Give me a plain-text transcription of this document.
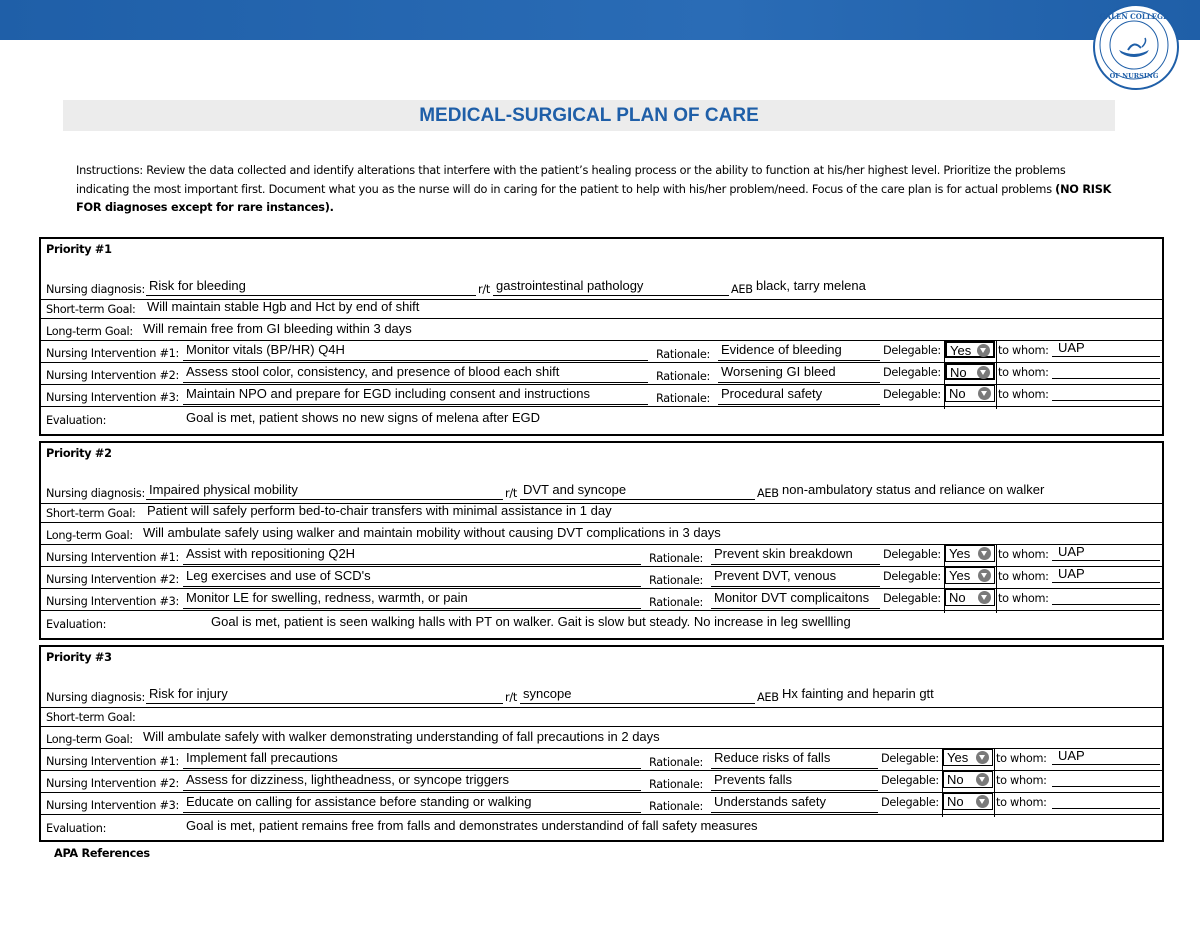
GALEN COLLEGE
OF NURSING
MEDICAL-SURGICAL PLAN OF CARE
Instructions: Review the data collected and identify alterations that interfere with the patient’s healing process or the ability to function at his/her highest level. Prioritize the problems indicating the most important first. Document what you as the nurse will do in caring for the patient to help with his/her problem/need. Focus of the care plan is for actual problems (NO RISK FOR diagnoses except for rare instances).
Priority #1
Nursing diagnosis: Risk for bleeding	r/t gastrointestinal pathology	AEB black, tarry melena
Short-term Goal: Will maintain stable Hgb and Hct by end of shift
Long-term Goal: Will remain free from GI bleeding within 3 days
Nursing Intervention #1: Monitor vitals (BP/HR) Q4H	Rationale: Evidence of bleeding	Delegable: Yes to whom: UAP
Nursing Intervention #2: Assess stool color, consistency, and presence of blood each shift	Rationale: Worsening GI bleed	Delegable: No	to whom:
Nursing Intervention #3: Maintain NPO and prepare for EGD including consent and instructions	Rationale: Procedural safety	Delegable: No	to whom:
Evaluation:	Goal is met, patient shows no new signs of melena after EGD
Priority #2
Nursing diagnosis: Impaired physical mobility	r/t DVT and syncope	AEB non-ambulatory status and reliance on walker
Short-term Goal: Patient will safely perform bed-to-chair transfers with minimal assistance in 1 day
Long-term Goal: Will ambulate safely using walker and maintain mobility without causing DVT complications in 3 days
Nursing Intervention #1: Assist with repositioning Q2H	Rationale: Prevent skin breakdown	Delegable: Yes to whom: UAP
Nursing Intervention #2: Leg exercises and use of SCD's	Rationale: Prevent DVT, venous	Delegable: Yes to whom: UAP
Nursing Intervention #3: Monitor LE for swelling, redness, warmth, or pain	Rationale: Monitor DVT complicaitons	Delegable: No	to whom:
Evaluation:	Goal is met, patient is seen walking halls with PT on walker. Gait is slow but steady. No increase in leg swellling
Priority #3
Nursing diagnosis: Risk for injury	r/t syncope	AEB Hx fainting and heparin gtt
Short-term Goal:
Long-term Goal: Will ambulate safely with walker demonstrating understanding of fall precautions in 2 days
Nursing Intervention #1: Implement fall precautions	Rationale: Reduce risks of falls	Delegable: Yes to whom: UAP
Nursing Intervention #2: Assess for dizziness, lightheadness, or syncope triggers	Rationale: Prevents falls	Delegable: No	to whom:
Nursing Intervention #3: Educate on calling for assistance before standing or walking	Rationale: Understands safety	Delegable: No	to whom:
Evaluation:	Goal is met, patient remains free from falls and demonstrates understandind of fall safety measures
APA References
